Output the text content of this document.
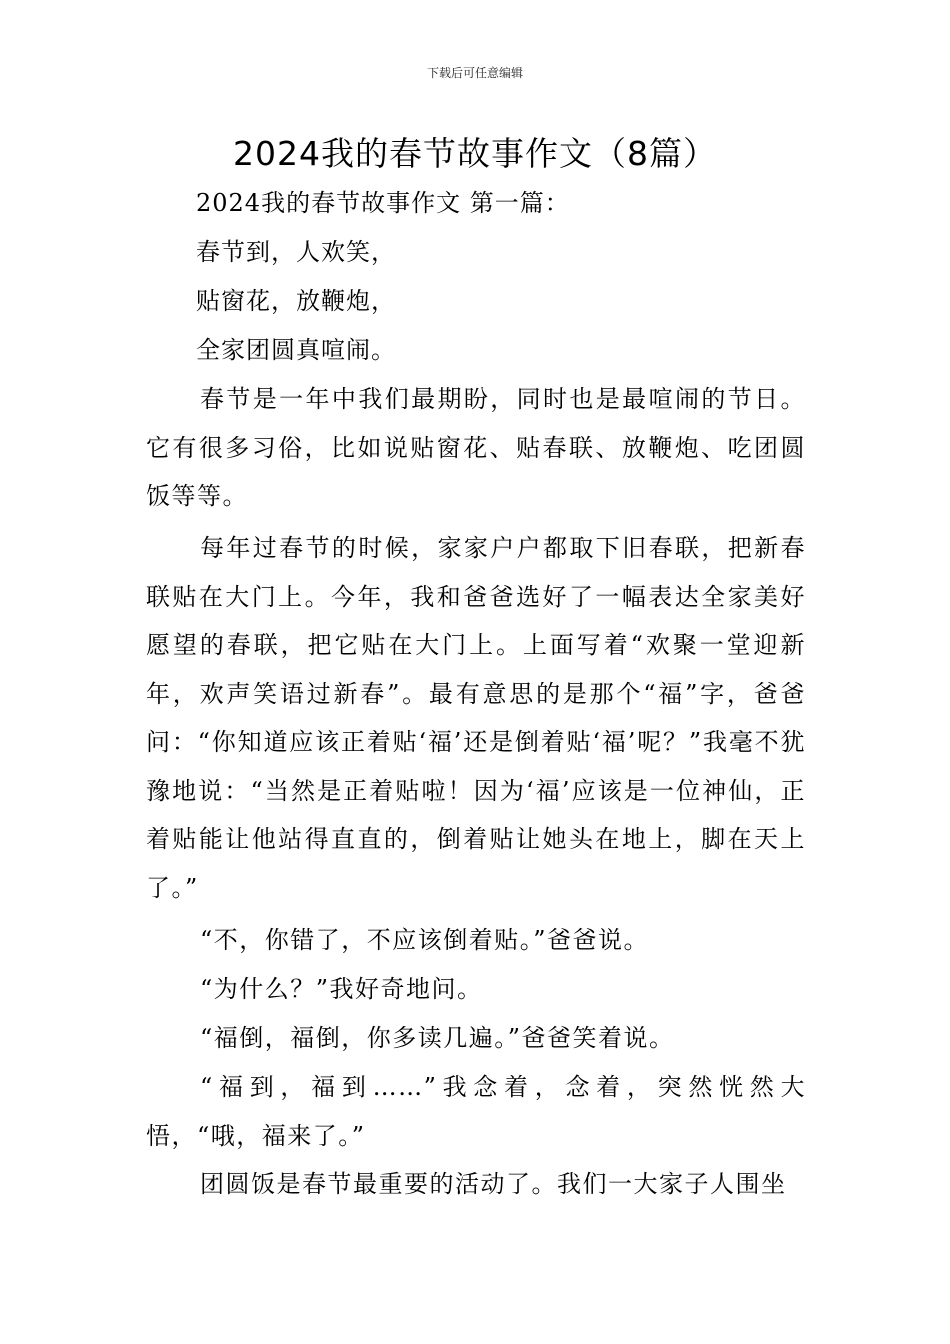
下载后可任意编辑
2024我的春节故事作文（8篇）
2024我的春节故事作文 第一篇：
春节到，人欢笑，
贴窗花，放鞭炮，
全家团圆真喧闹。

春节是一年中我们最期盼，同时也是最喧闹的节日。它有很多习俗，比如说贴窗花、贴春联、放鞭炮、吃团圆饭等等。

每年过春节的时候，家家户户都取下旧春联，把新春联贴在大门上。今年，我和爸爸选好了一幅表达全家美好愿望的春联，把它贴在大门上。上面写着“欢聚一堂迎新年，欢声笑语过新春”。最有意思的是那个“福”字，爸爸问：“你知道应该正着贴‘福’还是倒着贴‘福’呢？”我毫不犹豫地说：“当然是正着贴啦！因为‘福’应该是一位神仙，正着贴能让他站得直直的，倒着贴让她头在地上，脚在天上了。”

“不，你错了，不应该倒着贴。”爸爸说。

“为什么？”我好奇地问。

“福倒，福倒，你多读几遍。”爸爸笑着说。

“福到，福到……”我念着，念着，突然恍然大悟，“哦，福来了。”

团圆饭是春节最重要的活动了。我们一大家子人围坐
